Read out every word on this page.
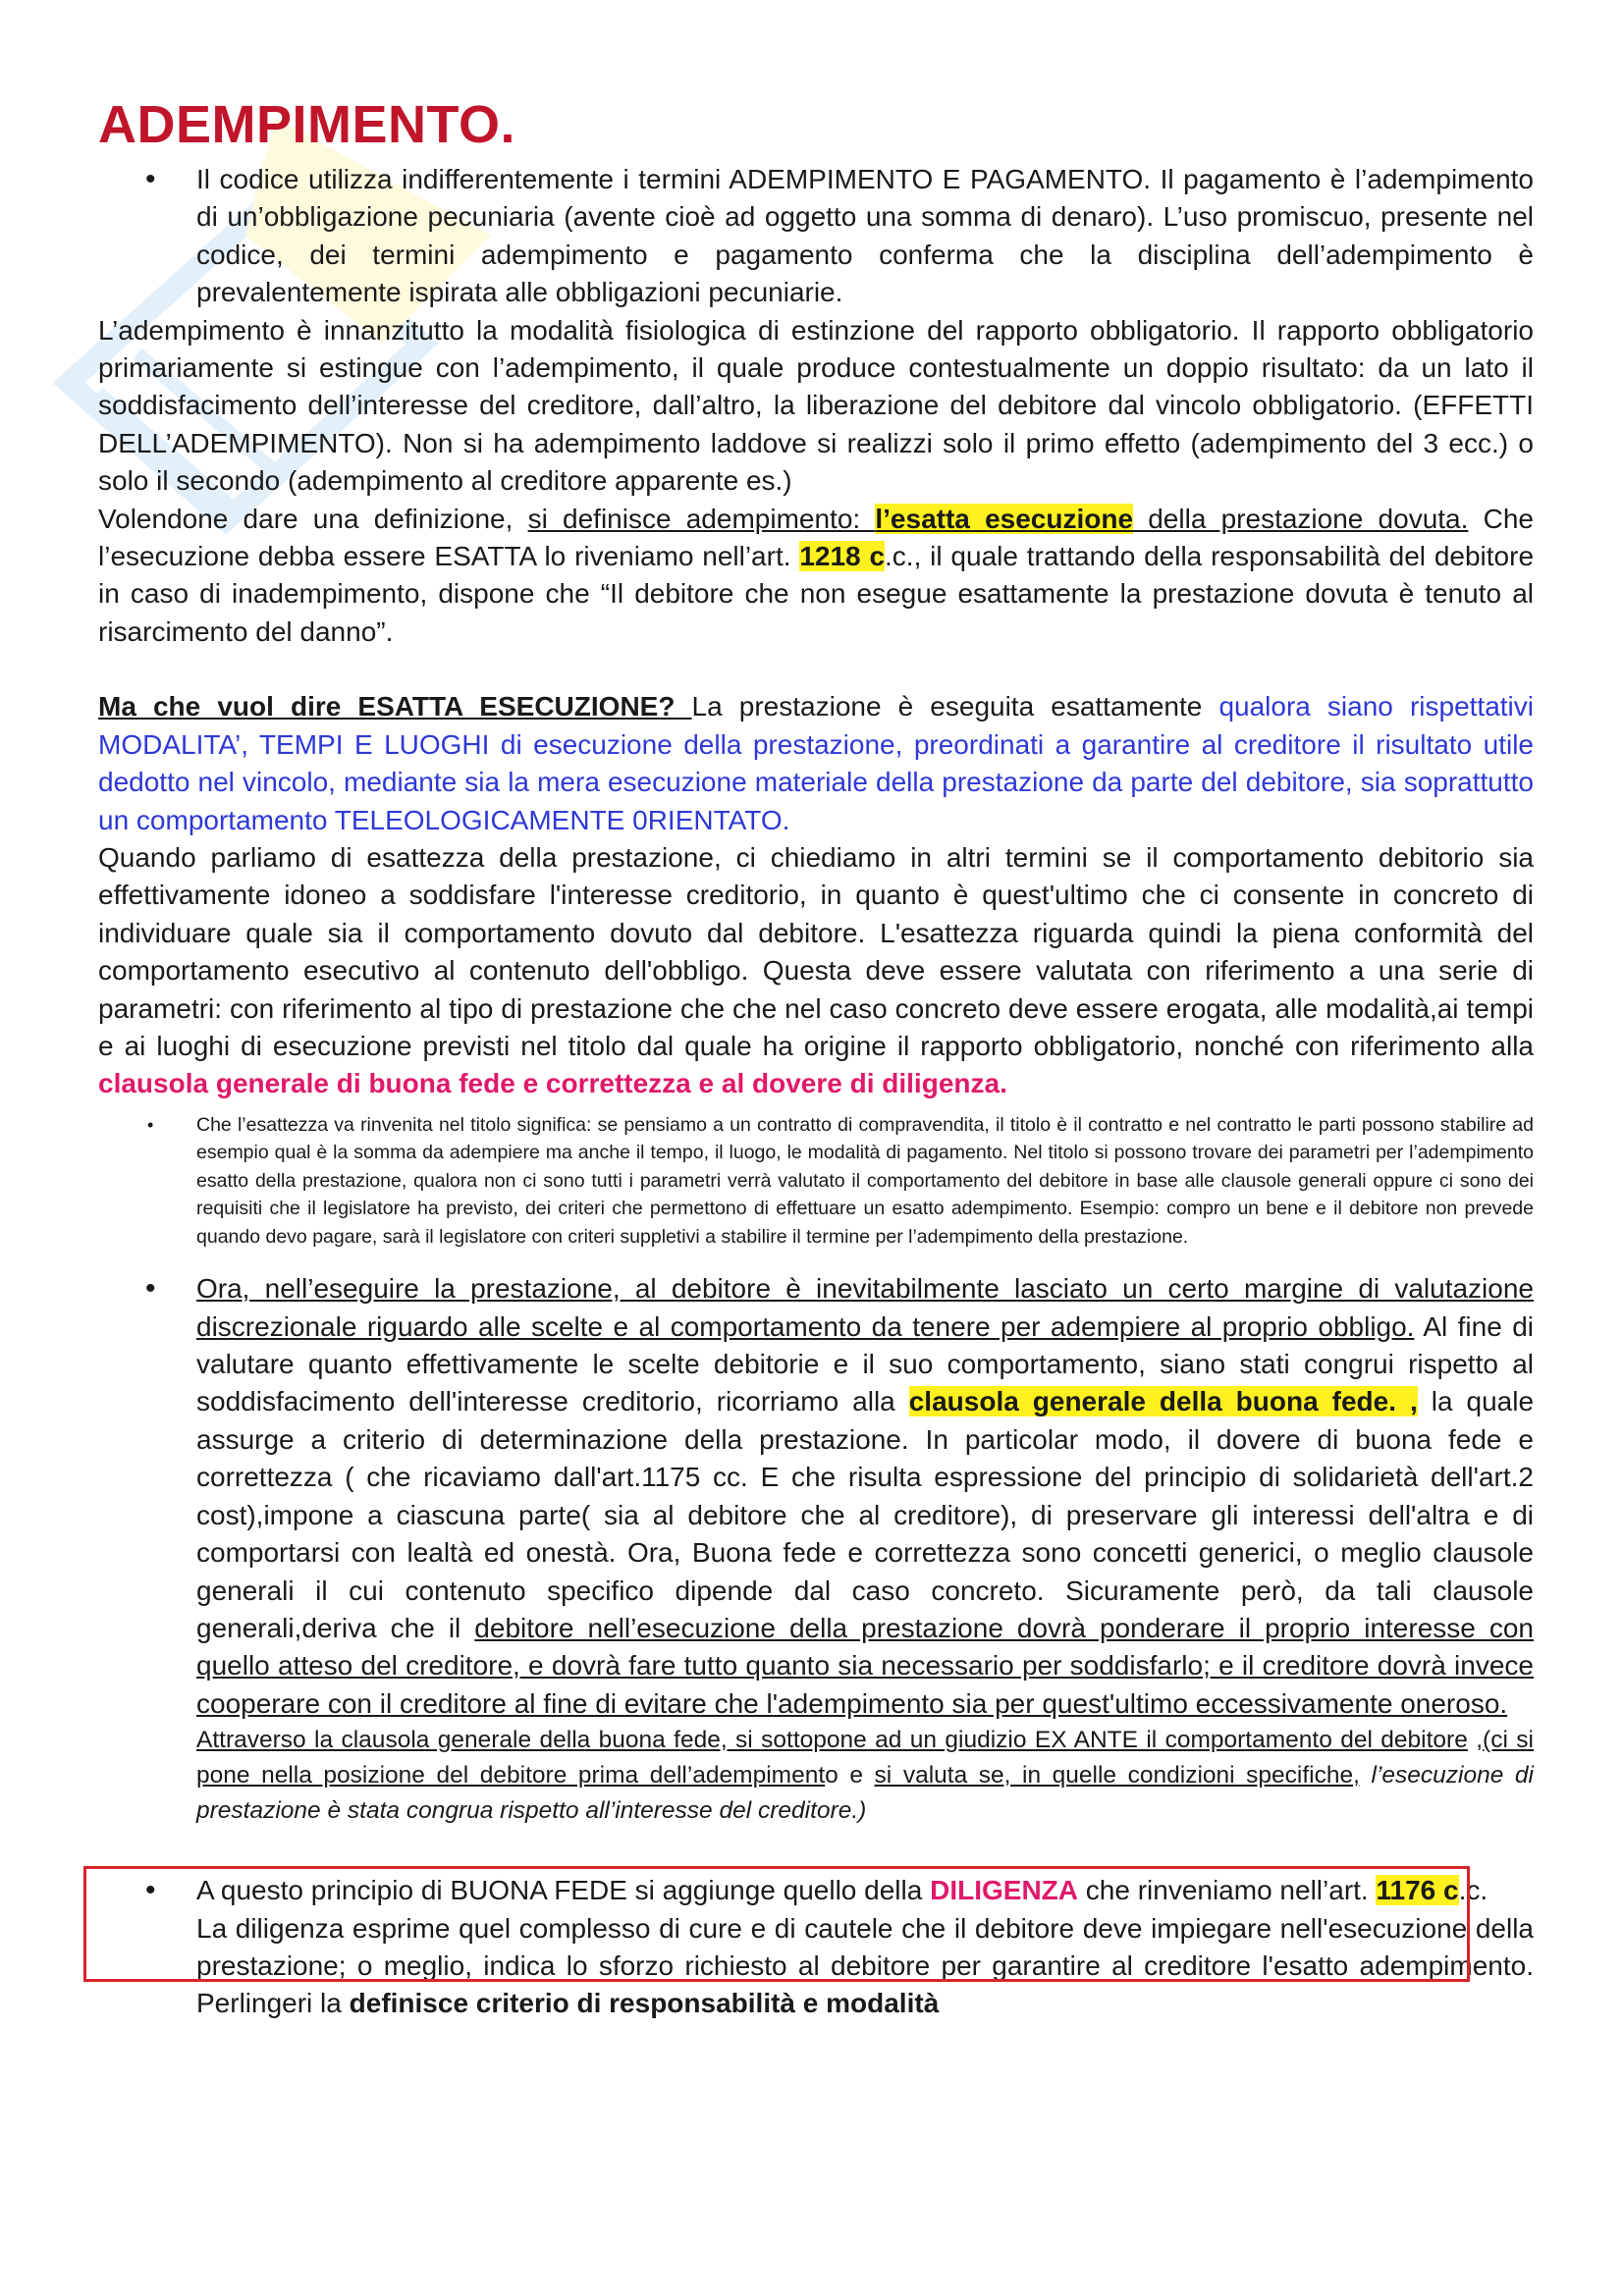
ADEMPIMENTO.

• Il codice utilizza indifferentemente i termini ADEMPIMENTO E PAGAMENTO. Il pagamento è l’adempimento di un’obbligazione pecuniaria (avente cioè ad oggetto una somma di denaro). L’uso promiscuo, presente nel codice, dei termini adempimento e pagamento conferma che la disciplina dell’adempimento è prevalentemente ispirata alle obbligazioni pecuniarie.

L’adempimento è innanzitutto la modalità fisiologica di estinzione del rapporto obbligatorio. Il rapporto obbligatorio primariamente si estingue con l’adempimento, il quale produce contestualmente un doppio risultato: da un lato il soddisfacimento dell’interesse del creditore, dall’altro, la liberazione del debitore dal vincolo obbligatorio. (EFFETTI DELL’ADEMPIMENTO). Non si ha adempimento laddove si realizzi solo il primo effetto (adempimento del 3 ecc.) o solo il secondo (adempimento al creditore apparente es.)
Volendone dare una definizione, si definisce adempimento: l’esatta esecuzione della prestazione dovuta. Che l’esecuzione debba essere ESATTA lo riveniamo nell’art. 1218 c.c., il quale trattando della responsabilità del debitore in caso di inadempimento, dispone che “Il debitore che non esegue esattamente la prestazione dovuta è tenuto al risarcimento del danno”.

Ma che vuol dire ESATTA ESECUZIONE? La prestazione è eseguita esattamente qualora siano rispettativi MODALITA’, TEMPI E LUOGHI di esecuzione della prestazione, preordinati a garantire al creditore il risultato utile dedotto nel vincolo, mediante sia la mera esecuzione materiale della prestazione da parte del debitore, sia soprattutto un comportamento TELEOLOGICAMENTE 0RIENTATO.
Quando parliamo di esattezza della prestazione, ci chiediamo in altri termini se il comportamento debitorio sia effettivamente idoneo a soddisfare l'interesse creditorio, in quanto è quest'ultimo che ci consente in concreto di individuare quale sia il comportamento dovuto dal debitore. L'esattezza riguarda quindi la piena conformità del comportamento esecutivo al contenuto dell'obbligo. Questa deve essere valutata con riferimento a una serie di parametri: con riferimento al tipo di prestazione che che nel caso concreto deve essere erogata, alle modalità,ai tempi e ai luoghi di esecuzione previsti nel titolo dal quale ha origine il rapporto obbligatorio, nonché con riferimento alla clausola generale di buona fede e correttezza e al dovere di diligenza.

• Che l’esattezza va rinvenita nel titolo significa: se pensiamo a un contratto di compravendita, il titolo è il contratto e nel contratto le parti possono stabilire ad esempio qual è la somma da adempiere ma anche il tempo, il luogo, le modalità di pagamento. Nel titolo si possono trovare dei parametri per l’adempimento esatto della prestazione, qualora non ci sono tutti i parametri verrà valutato il comportamento del debitore in base alle clausole generali oppure ci sono dei requisiti che il legislatore ha previsto, dei criteri che permettono di effettuare un esatto adempimento. Esempio: compro un bene e il debitore non prevede quando devo pagare, sarà il legislatore con criteri suppletivi a stabilire il termine per l’adempimento della prestazione.

• Ora, nell’eseguire la prestazione, al debitore è inevitabilmente lasciato un certo margine di valutazione discrezionale riguardo alle scelte e al comportamento da tenere per adempiere al proprio obbligo. Al fine di valutare quanto effettivamente le scelte debitorie e il suo comportamento, siano stati congrui rispetto al soddisfacimento dell'interesse creditorio, ricorriamo alla clausola generale della buona fede. , la quale assurge a criterio di determinazione della prestazione. In particolar modo, il dovere di buona fede e correttezza ( che ricaviamo dall'art.1175 cc. E che risulta espressione del principio di solidarietà dell'art.2 cost),impone a ciascuna parte( sia al debitore che al creditore), di preservare gli interessi dell'altra e di comportarsi con lealtà ed onestà. Ora, Buona fede e correttezza sono concetti generici, o meglio clausole generali il cui contenuto specifico dipende dal caso concreto. Sicuramente però, da tali clausole generali,deriva che il debitore nell’esecuzione della prestazione dovrà ponderare il proprio interesse con quello atteso del creditore, e dovrà fare tutto quanto sia necessario per soddisfarlo; e il creditore dovrà invece cooperare con il creditore al fine di evitare che l'adempimento sia per quest'ultimo eccessivamente oneroso.

Attraverso la clausola generale della buona fede, si sottopone ad un giudizio EX ANTE il comportamento del debitore ,(ci si pone nella posizione del debitore prima dell’adempimento e si valuta se, in quelle condizioni specifiche, l’esecuzione di prestazione è stata congrua rispetto all’interesse del creditore.)

• A questo principio di BUONA FEDE si aggiunge quello della DILIGENZA che rinveniamo nell’art. 1176 c.c.
La diligenza esprime quel complesso di cure e di cautele che il debitore deve impiegare nell'esecuzione della prestazione; o meglio, indica lo sforzo richiesto al debitore per garantire al creditore l'esatto adempimento. Perlingeri la definisce criterio di responsabilità e modalità
